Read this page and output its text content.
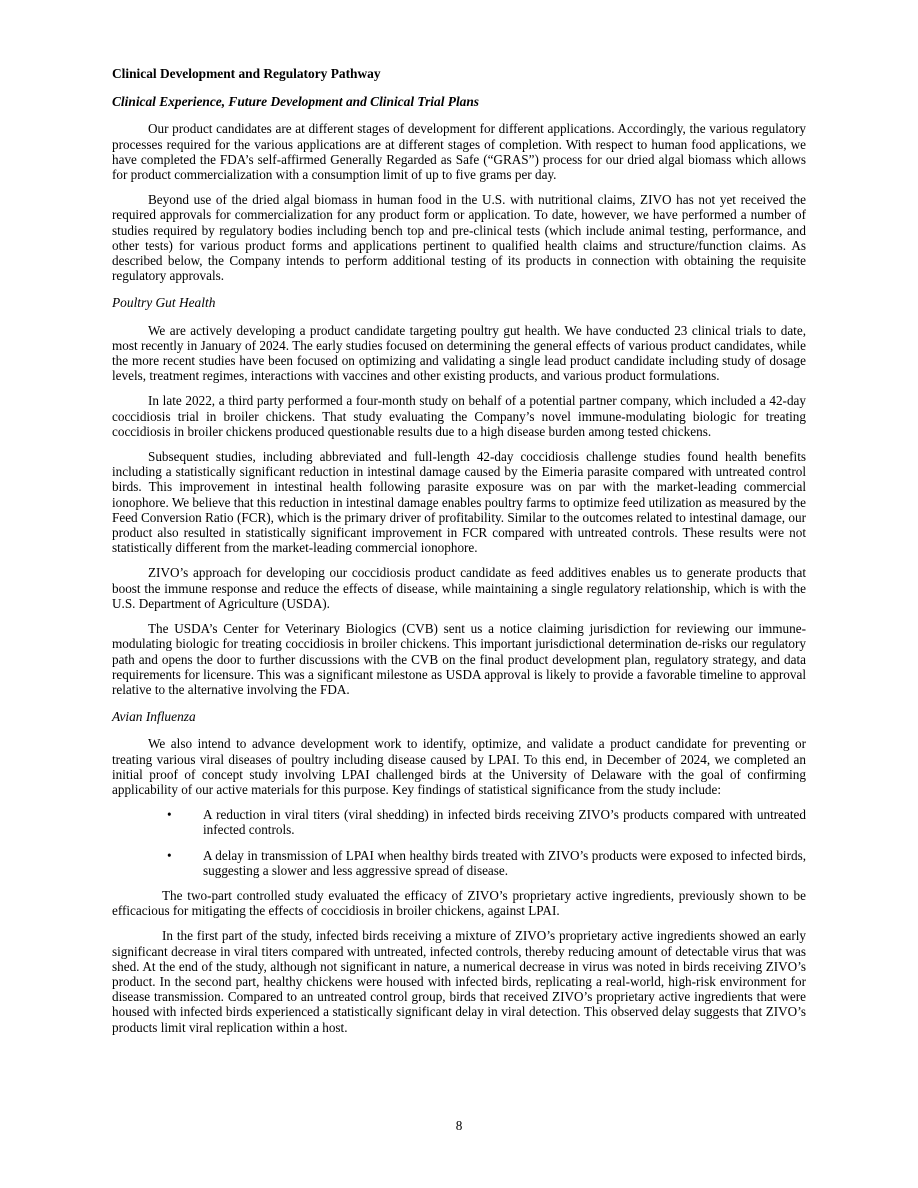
Clinical Development and Regulatory Pathway
Clinical Experience, Future Development and Clinical Trial Plans

Our product candidates are at different stages of development for different applications. Accordingly, the various regulatory processes required for the various applications are at different stages of completion. With respect to human food applications, we have completed the FDA’s self-affirmed Generally Regarded as Safe (“GRAS”) process for our dried algal biomass which allows for product commercialization with a consumption limit of up to five grams per day.

Beyond use of the dried algal biomass in human food in the U.S. with nutritional claims, ZIVO has not yet received the required approvals for commercialization for any product form or application. To date, however, we have performed a number of studies required by regulatory bodies including bench top and pre-clinical tests (which include animal testing, performance, and other tests) for various product forms and applications pertinent to qualified health claims and structure/function claims. As described below, the Company intends to perform additional testing of its products in connection with obtaining the requisite regulatory approvals.

Poultry Gut Health

We are actively developing a product candidate targeting poultry gut health. We have conducted 23 clinical trials to date, most recently in January of 2024. The early studies focused on determining the general effects of various product candidates, while the more recent studies have been focused on optimizing and validating a single lead product candidate including study of dosage levels, treatment regimes, interactions with vaccines and other existing products, and various product formulations.

In late 2022, a third party performed a four-month study on behalf of a potential partner company, which included a 42-day coccidiosis trial in broiler chickens. That study evaluating the Company’s novel immune-modulating biologic for treating coccidiosis in broiler chickens produced questionable results due to a high disease burden among tested chickens.

Subsequent studies, including abbreviated and full-length 42-day coccidiosis challenge studies found health benefits including a statistically significant reduction in intestinal damage caused by the Eimeria parasite compared with untreated control birds. This improvement in intestinal health following parasite exposure was on par with the market-leading commercial ionophore. We believe that this reduction in intestinal damage enables poultry farms to optimize feed utilization as measured by the Feed Conversion Ratio (FCR), which is the primary driver of profitability. Similar to the outcomes related to intestinal damage, our product also resulted in statistically significant improvement in FCR compared with untreated controls. These results were not statistically different from the market-leading commercial ionophore.

ZIVO’s approach for developing our coccidiosis product candidate as feed additives enables us to generate products that boost the immune response and reduce the effects of disease, while maintaining a single regulatory relationship, which is with the U.S. Department of Agriculture (USDA).

The USDA’s Center for Veterinary Biologics (CVB) sent us a notice claiming jurisdiction for reviewing our immune-modulating biologic for treating coccidiosis in broiler chickens. This important jurisdictional determination de-risks our regulatory path and opens the door to further discussions with the CVB on the final product development plan, regulatory strategy, and data requirements for licensure. This was a significant milestone as USDA approval is likely to provide a favorable timeline to approval relative to the alternative involving the FDA.

Avian Influenza

We also intend to advance development work to identify, optimize, and validate a product candidate for preventing or treating various viral diseases of poultry including disease caused by LPAI. To this end, in December of 2024, we completed an initial proof of concept study involving LPAI challenged birds at the University of Delaware with the goal of confirming applicability of our active materials for this purpose. Key findings of statistical significance from the study include:

• A reduction in viral titers (viral shedding) in infected birds receiving ZIVO’s products compared with untreated infected controls.
• A delay in transmission of LPAI when healthy birds treated with ZIVO’s products were exposed to infected birds, suggesting a slower and less aggressive spread of disease.

The two-part controlled study evaluated the efficacy of ZIVO’s proprietary active ingredients, previously shown to be efficacious for mitigating the effects of coccidiosis in broiler chickens, against LPAI.

In the first part of the study, infected birds receiving a mixture of ZIVO’s proprietary active ingredients showed an early significant decrease in viral titers compared with untreated, infected controls, thereby reducing amount of detectable virus that was shed. At the end of the study, although not significant in nature, a numerical decrease in virus was noted in birds receiving ZIVO’s product. In the second part, healthy chickens were housed with infected birds, replicating a real-world, high-risk environment for disease transmission. Compared to an untreated control group, birds that received ZIVO’s proprietary active ingredients that were housed with infected birds experienced a statistically significant delay in viral detection. This observed delay suggests that ZIVO’s products limit viral replication within a host.

8
